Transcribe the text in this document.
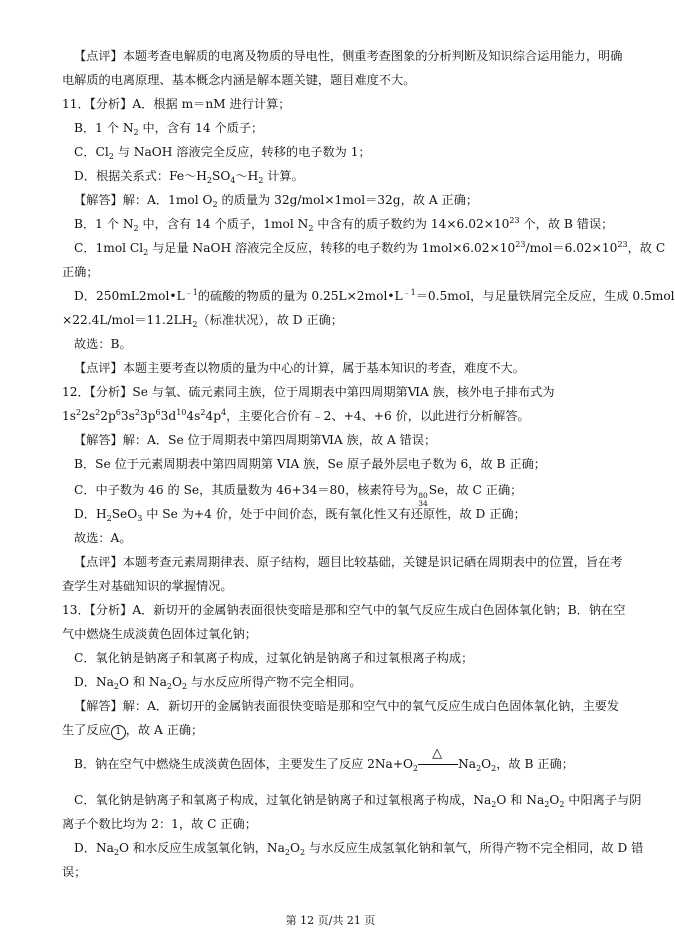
【点评】本题考查电解质的电离及物质的导电性，侧重考查图象的分析判断及知识综合运用能力，明确
电解质的电离原理、基本概念内涵是解本题关键，题目难度不大。
11．【分析】A．根据 m＝nM 进行计算；
B．1 个 $N_2$ 中，含有 14 个质子；
C．$Cl_2$ 与 NaOH 溶液完全反应，转移的电子数为 1；
D．根据关系式：$Fe\sim H_2SO_4\sim H_2$ 计算。
【解答】解：A．1mol $O_2$ 的质量为 32g/mol×1mol＝32g，故 A 正确；
B．1 个 $N_2$ 中，含有 14 个质子，1mol $N_2$ 中含有的质子数约为 $14\times 6.02\times 10^{23}$ 个，故 B 错误；
C．1mol $Cl_2$ 与足量 NaOH 溶液完全反应，转移的电子数约为 $1mol\times 6.02\times 10^{23}/mol=6.02\times 10^{23}$，故 C
正确；
D．$250mL2mol•L^{﹣1}$的硫酸的物质的量为 $0.25L\times 2mol•L^{﹣1}=0.5mol$，与足量铁屑完全反应，生成 0.5mol
$\times 22.4L/mol=11.2LH_2$（标准状况），故 D 正确；
故选：B。
【点评】本题主要考查以物质的量为中心的计算，属于基本知识的考查，难度不大。
12．【分析】Se 与氧、硫元素同主族，位于周期表中第四周期第ⅥA 族，核外电子排布式为
$1s^22s^22p^63s^23p^63d^{10}4s^24p^4$，主要化合价有﹣2、+4、+6 价，以此进行分析解答。
【解答】解：A．Se 位于周期表中第四周期第ⅥA 族，故 A 错误；
B．Se 位于元素周期表中第四周期第 VIA 族，Se 原子最外层电子数为 6，故 B 正确；
C．中子数为 46 的 Se，其质量数为 46+34＝80，核素符号为 80
34
Se，故 C 正确；
D．$H_2SeO_3$ 中 Se 为+4 价，处于中间价态，既有氧化性又有还原性，故 D 正确；
故选：A。
【点评】本题考查元素周期律表、原子结构，题目比较基础，关键是识记硒在周期表中的位置，旨在考
查学生对基础知识的掌握情况。
13．【分析】A．新切开的金属钠表面很快变暗是那和空气中的氧气反应生成白色固体氧化钠；B．钠在空
气中燃烧生成淡黄色固体过氧化钠；
C．氧化钠是钠离子和氧离子构成，过氧化钠是钠离子和过氧根离子构成；
D．$Na_2O$ 和 $Na_2O_2$ 与水反应所得产物不完全相同。
【解答】解：A．新切开的金属钠表面很快变暗是那和空气中的氧气反应生成白色固体氧化钠，主要发
生了反应 1 ，故 A 正确；
B．钠在空气中燃烧生成淡黄色固体，主要发生了反应 $2Na+O_2$
△
$Na_2O_2$，故 B 正确；
C．氧化钠是钠离子和氧离子构成，过氧化钠是钠离子和过氧根离子构成，$Na_2O$ 和 $Na_2O_2$ 中阳离子与阴
离子个数比均为 2：1，故 C 正确；
D．$Na_2O$ 和水反应生成氢氧化钠，$Na_2O_2$ 与水反应生成氢氧化钠和氧气，所得产物不完全相同，故 D 错
误；
第 12 页/共 21 页
